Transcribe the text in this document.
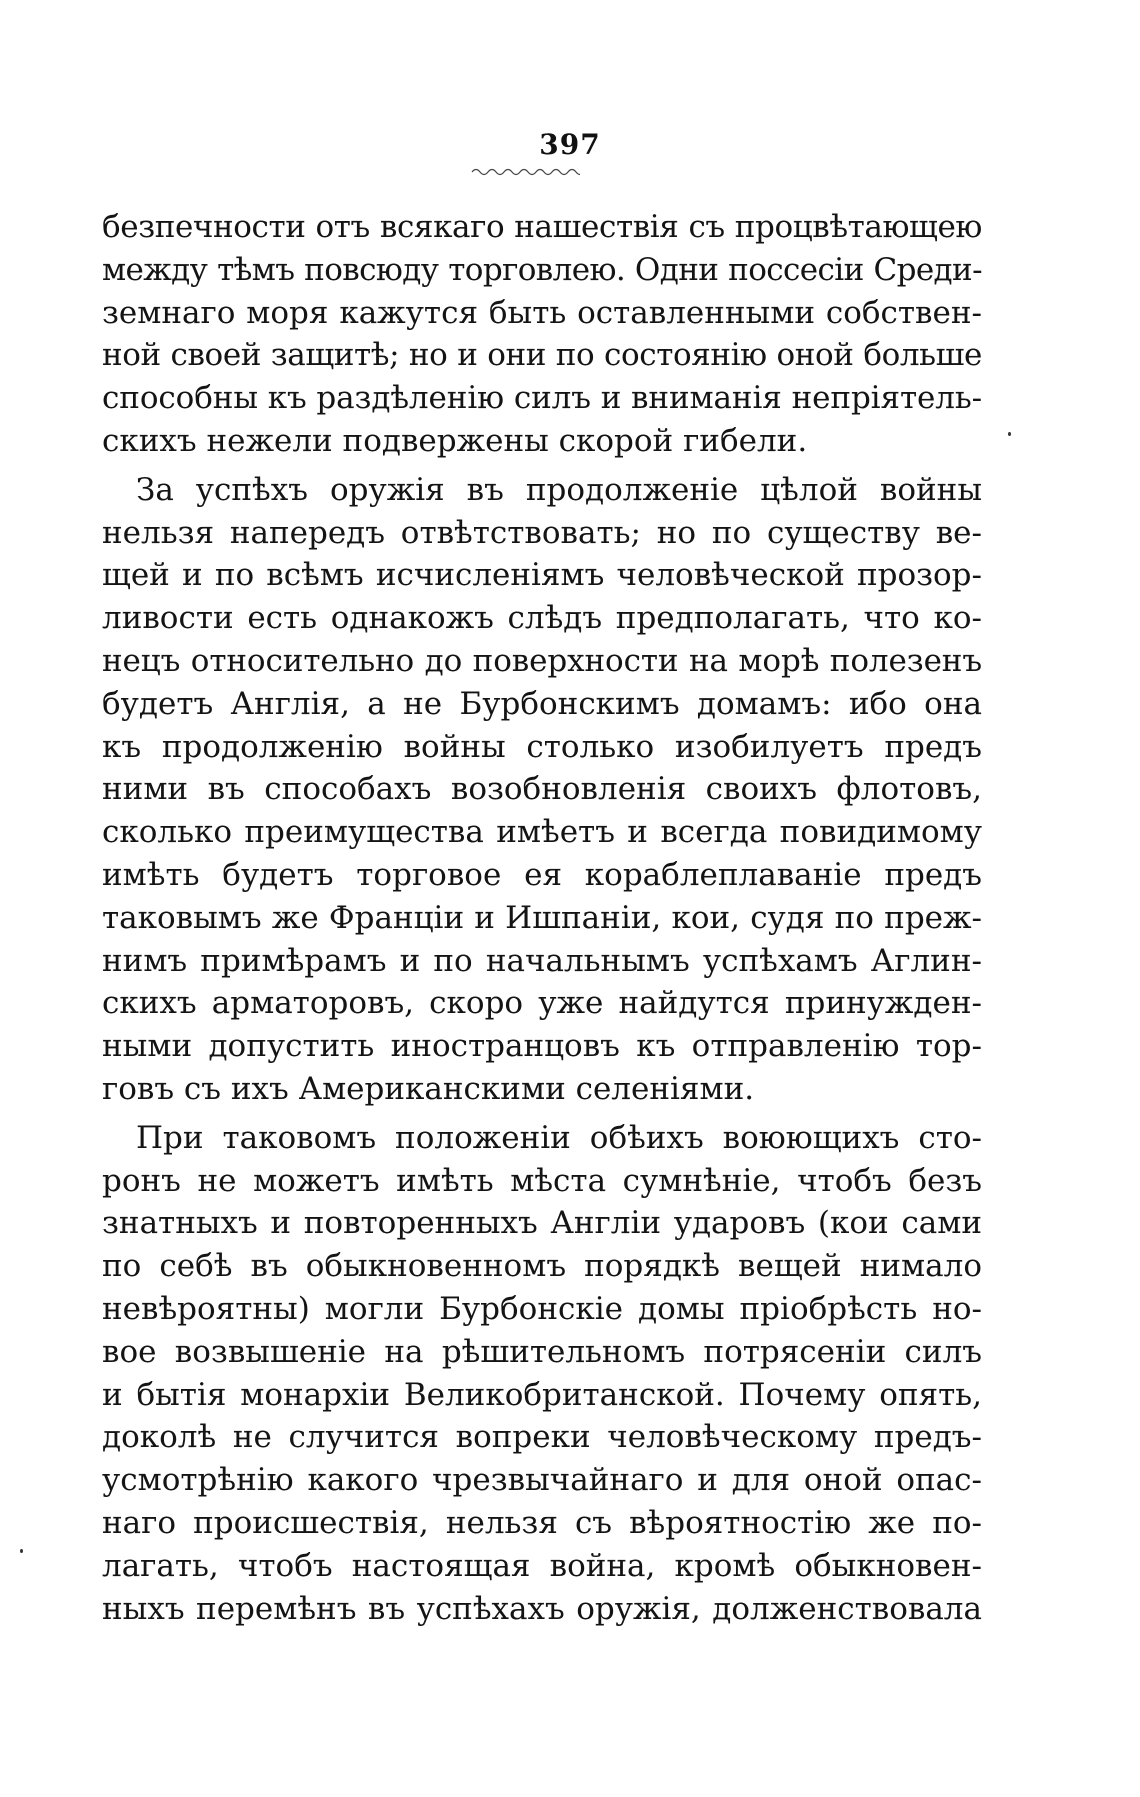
397
безпечности отъ всякаго нашествія съ процвѣтающею
между тѣмъ повсюду торговлею. Одни поссесіи Среди-
земнаго моря кажутся быть оставленными собствен-
ной своей защитѣ; но и они по состоянію оной больше
способны къ раздѣленію силъ и вниманія непріятель-
скихъ нежели подвержены скорой гибели.
За успѣхъ оружія въ продолженіе цѣлой войны
нельзя напередъ отвѣтствовать; но по существу ве-
щей и по всѣмъ исчисленіямъ человѣческой прозор-
ливости есть однакожъ слѣдъ предполагать, что ко-
нецъ относительно до поверхности на морѣ полезенъ
будетъ Англія, а не Бурбонскимъ домамъ: ибо она
къ продолженію войны столько изобилуетъ предъ
ними въ способахъ возобновленія своихъ флотовъ,
сколько преимущества имѣетъ и всегда повидимому
имѣть будетъ торговое ея кораблеплаваніе предъ
таковымъ же Франціи и Ишпаніи, кои, судя по преж-
нимъ примѣрамъ и по начальнымъ успѣхамъ Аглин-
скихъ арматоровъ, скоро уже найдутся принужден-
ными допустить иностранцовъ къ отправленію тор-
говъ съ ихъ Американскими селеніями.
При таковомъ положеніи обѣихъ воюющихъ сто-
ронъ не можетъ имѣть мѣста сумнѣніе, чтобъ безъ
знатныхъ и повторенныхъ Англіи ударовъ (кои сами
по себѣ въ обыкновенномъ порядкѣ вещей нимало
невѣроятны) могли Бурбонскіе домы пріобрѣсть но-
вое возвышеніе на рѣшительномъ потрясеніи силъ
и бытія монархіи Великобританской. Почему опять,
доколѣ не случится вопреки человѣческому предъ-
усмотрѣнію какого чрезвычайнаго и для оной опас-
наго происшествія, нельзя съ вѣроятностію же по-
лагать, чтобъ настоящая война, кромѣ обыкновен-
ныхъ перемѣнъ въ успѣхахъ оружія, долженствовала
